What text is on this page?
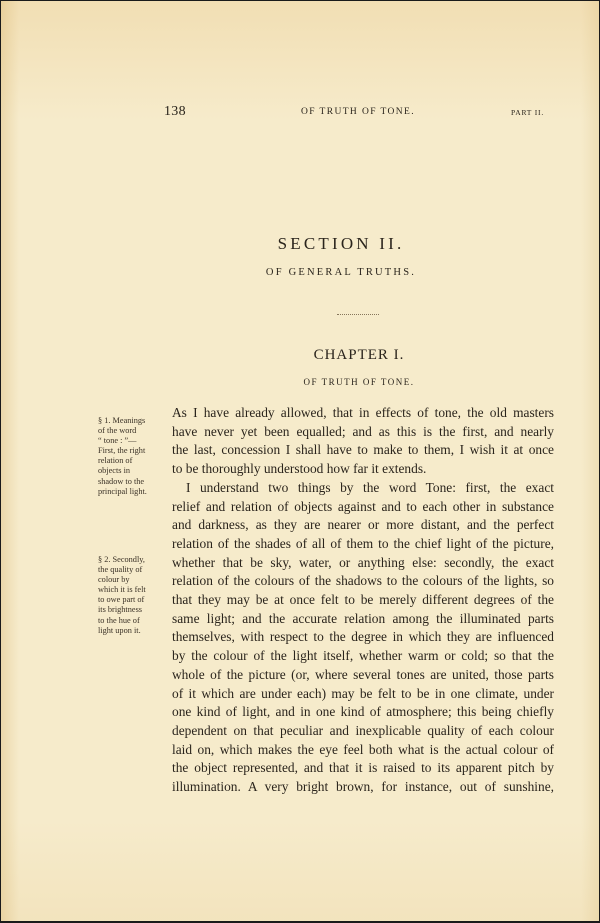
138	OF TRUTH OF TONE.	PART II.
SECTION II.
OF GENERAL TRUTHS.
CHAPTER I.
OF TRUTH OF TONE.
§ 1. Meanings
of the word
“ tone : ”—
First, the right
relation of
objects in
shadow to the
principal light.
§ 2. Secondly,
the quality of
colour by
which it is felt
to owe part of
its brightness
to the hue of
light upon it.

As I have already allowed, that in effects of tone, the old masters
have never yet been equalled; and as this is the first, and nearly
the last, concession I shall have to make to them, I wish it at once
to be thoroughly understood how far it extends.

I understand two things by the word Tone: first, the exact
relief and relation of objects against and to each other in substance
and darkness, as they are nearer or more distant, and the perfect
relation of the shades of all of them to the chief light of the picture,
whether that be sky, water, or anything else: secondly, the exact
relation of the colours of the shadows to the colours of the lights, so
that they may be at once felt to be merely different degrees of the
same light; and the accurate relation among the illuminated parts
themselves, with respect to the degree in which they are influenced
by the colour of the light itself, whether warm or cold; so that the
whole of the picture (or, where several tones are united, those parts
of it which are under each) may be felt to be in one climate, under
one kind of light, and in one kind of atmosphere; this being chiefly
dependent on that peculiar and inexplicable quality of each colour
laid on, which makes the eye feel both what is the actual colour of
the object represented, and that it is raised to its apparent pitch by
illumination. A very bright brown, for instance, out of sunshine,
